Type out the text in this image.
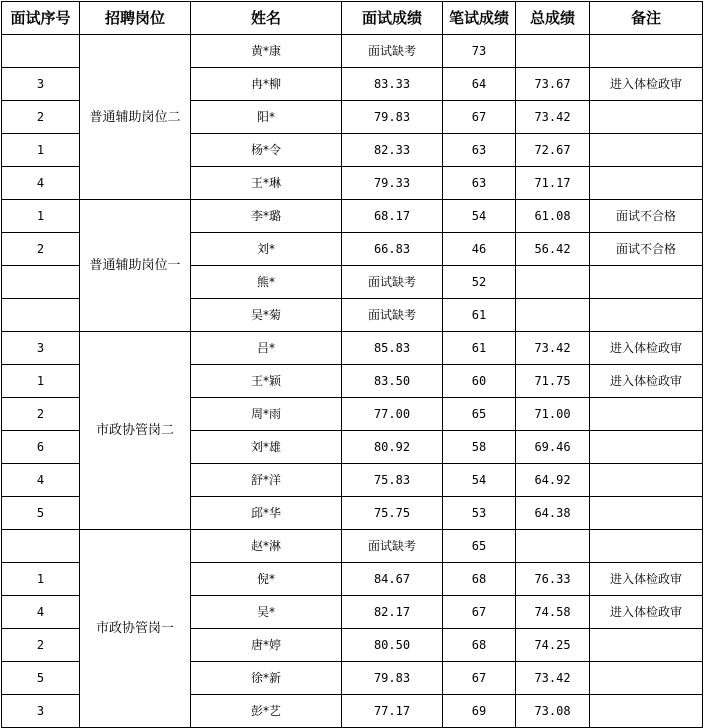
面试序号	招聘岗位	姓名	面试成绩	笔试成绩	总成绩	备注
	普通辅助岗位二	黄*康	面试缺考	73		
3		冉*柳	83.33	64	73.67	进入体检政审
2		阳*	79.83	67	73.42	
1		杨*令	82.33	63	72.67	
4		王*琳	79.33	63	71.17	
1	普通辅助岗位一	李*璐	68.17	54	61.08	面试不合格
2		刘*	66.83	46	56.42	面试不合格
		熊*	面试缺考	52		
		吴*菊	面试缺考	61		
3	市政协管岗二	吕*	85.83	61	73.42	进入体检政审
1		王*颖	83.50	60	71.75	进入体检政审
2		周*雨	77.00	65	71.00	
6		刘*雄	80.92	58	69.46	
4		舒*洋	75.83	54	64.92	
5		邱*华	75.75	53	64.38	
	市政协管岗一	赵*淋	面试缺考	65		
1		倪*	84.67	68	76.33	进入体检政审
4		吴*	82.17	67	74.58	进入体检政审
2		唐*婷	80.50	68	74.25	
5		徐*新	79.83	67	73.42	
3		彭*艺	77.17	69	73.08	
